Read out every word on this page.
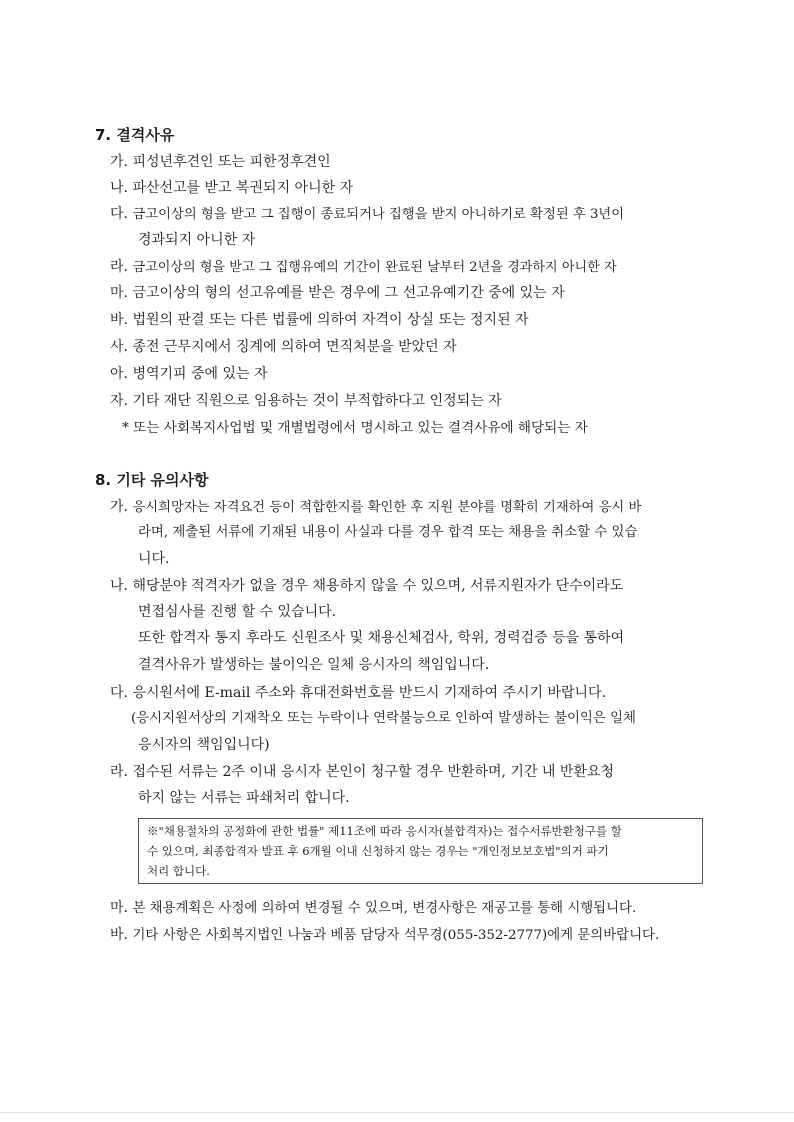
7. 결격사유
가. 피성년후견인 또는 피한정후견인
나. 파산선고를 받고 복권되지 아니한 자
다. 금고이상의 형을 받고 그 집행이 종료되거나 집행을 받지 아니하기로 확정된 후 3년이
경과되지 아니한 자
라. 금고이상의 형을 받고 그 집행유예의 기간이 완료된 날부터 2년을 경과하지 아니한 자
마. 금고이상의 형의 선고유예를 받은 경우에 그 선고유예기간 중에 있는 자
바. 법원의 판결 또는 다른 법률에 의하여 자격이 상실 또는 정지된 자
사. 종전 근무지에서 징계에 의하여 면직처분을 받았던 자
아. 병역기피 중에 있는 자
자. 기타 재단 직원으로 임용하는 것이 부적합하다고 인정되는 자
* 또는 사회복지사업법 및 개별법령에서 명시하고 있는 결격사유에 해당되는 자
8. 기타 유의사항
가. 응시희망자는 자격요건 등이 적합한지를 확인한 후 지원 분야를 명확히 기재하여 응시 바
라며, 제출된 서류에 기재된 내용이 사실과 다를 경우 합격 또는 채용을 취소할 수 있습
니다.
나. 해당분야 적격자가 없을 경우 채용하지 않을 수 있으며, 서류지원자가 단수이라도
면접심사를 진행 할 수 있습니다.
또한 합격자 통지 후라도 신원조사 및 채용신체검사, 학위, 경력검증 등을 통하여
결격사유가 발생하는 불이익은 일체 응시자의 책임입니다.
다. 응시원서에 E-mail 주소와 휴대전화번호를 반드시 기재하여 주시기 바랍니다.
(응시지원서상의 기재착오 또는 누락이나 연락불능으로 인하여 발생하는 불이익은 일체
응시자의 책임입니다)
라. 접수된 서류는 2주 이내 응시자 본인이 청구할 경우 반환하며, 기간 내 반환요청
하지 않는 서류는 파쇄처리 합니다.
※"채용절차의 공정화에 관한 법률" 제11조에 따라 응시자(불합격자)는 접수서류반환청구를 할
수 있으며, 최종합격자 발표 후 6개월 이내 신청하지 않는 경우는 "개인정보보호법"의거 파기
처리 합니다.
마. 본 채용계획은 사정에 의하여 변경될 수 있으며, 변경사항은 재공고를 통해 시행됩니다.
바. 기타 사항은 사회복지법인 나눔과 베품 담당자 석무경(055-352-2777)에게 문의바랍니다.
